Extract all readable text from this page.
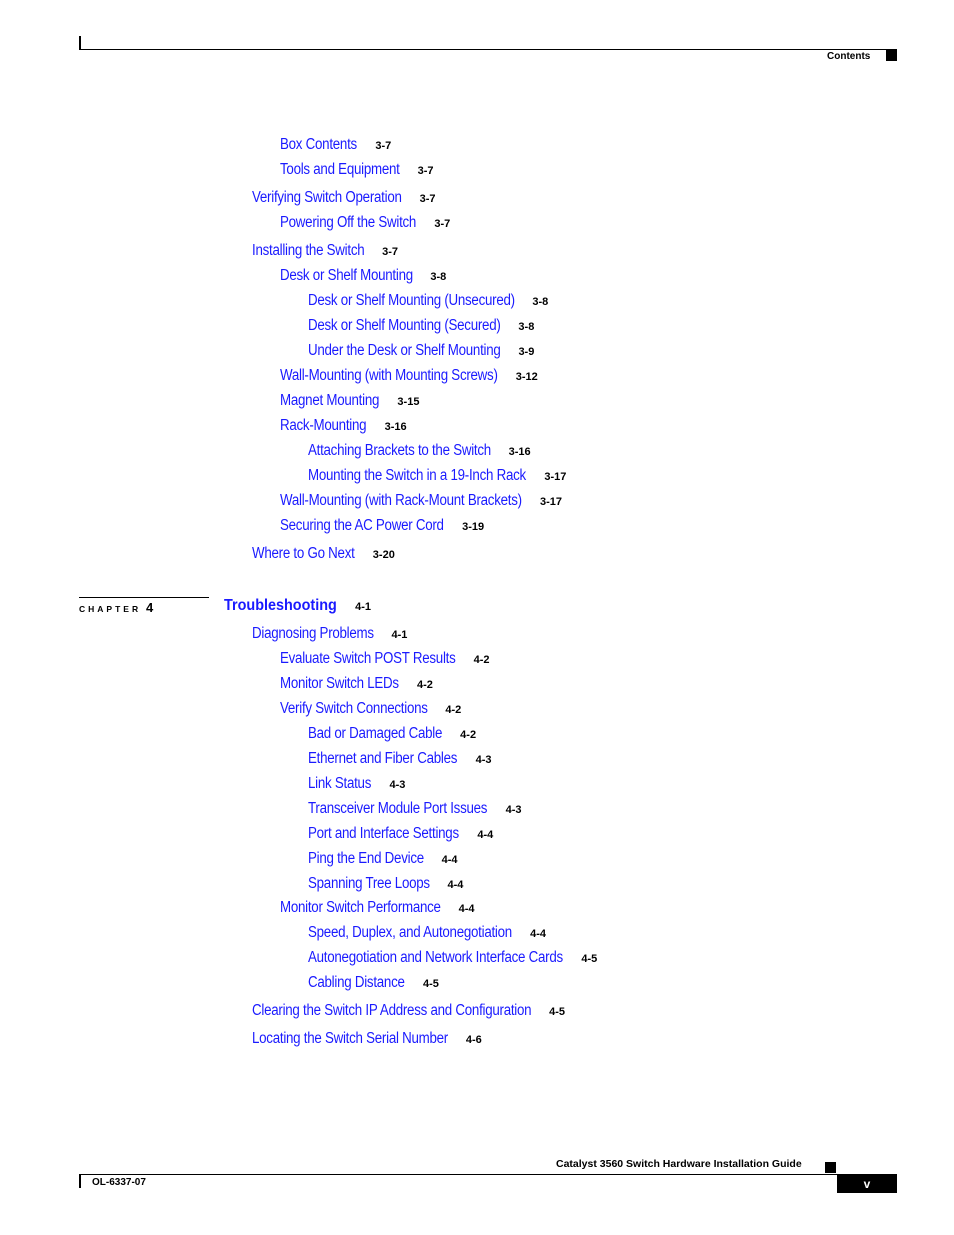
Contents
Box Contents 3-7
Tools and Equipment 3-7
Verifying Switch Operation 3-7
Powering Off the Switch 3-7
Installing the Switch 3-7
Desk or Shelf Mounting 3-8
Desk or Shelf Mounting (Unsecured) 3-8
Desk or Shelf Mounting (Secured) 3-8
Under the Desk or Shelf Mounting 3-9
Wall-Mounting (with Mounting Screws) 3-12
Magnet Mounting 3-15
Rack-Mounting 3-16
Attaching Brackets to the Switch 3-16
Mounting the Switch in a 19-Inch Rack 3-17
Wall-Mounting (with Rack-Mount Brackets) 3-17
Securing the AC Power Cord 3-19
Where to Go Next 3-20
CHAPTER 4	Troubleshooting 4-1
Diagnosing Problems 4-1
Evaluate Switch POST Results 4-2
Monitor Switch LEDs 4-2
Verify Switch Connections 4-2
Bad or Damaged Cable 4-2
Ethernet and Fiber Cables 4-3
Link Status 4-3
Transceiver Module Port Issues 4-3
Port and Interface Settings 4-4
Ping the End Device 4-4
Spanning Tree Loops 4-4
Monitor Switch Performance 4-4
Speed, Duplex, and Autonegotiation 4-4
Autonegotiation and Network Interface Cards 4-5
Cabling Distance 4-5
Clearing the Switch IP Address and Configuration 4-5
Locating the Switch Serial Number 4-6
Catalyst 3560 Switch Hardware Installation Guide
OL-6337-07	v
